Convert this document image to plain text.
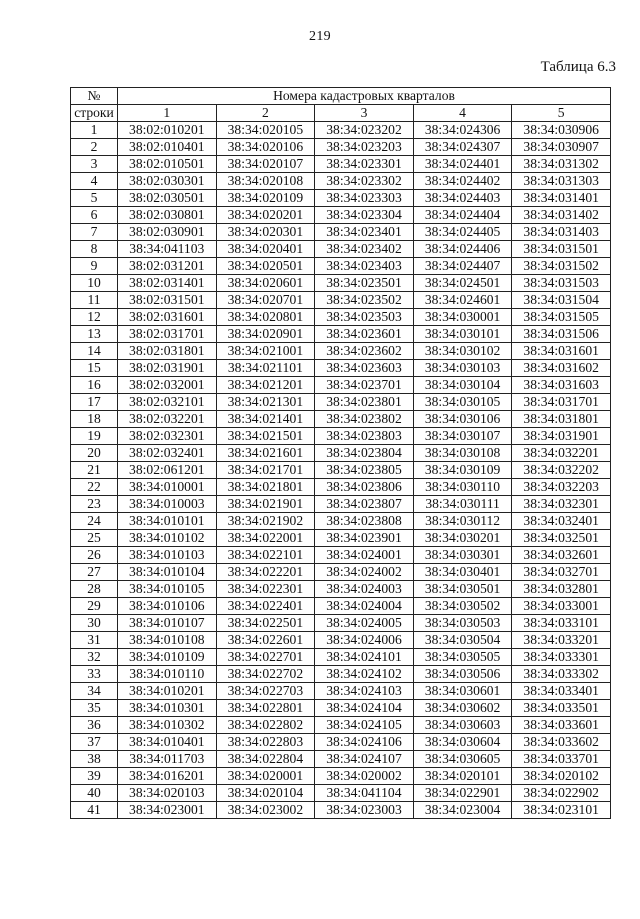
219
Таблица 6.3
№	Номера кадастровых кварталов				
строки	1	2	3	4	5
1	38:02:010201	38:34:020105	38:34:023202	38:34:024306	38:34:030906
2	38:02:010401	38:34:020106	38:34:023203	38:34:024307	38:34:030907
3	38:02:010501	38:34:020107	38:34:023301	38:34:024401	38:34:031302
4	38:02:030301	38:34:020108	38:34:023302	38:34:024402	38:34:031303
5	38:02:030501	38:34:020109	38:34:023303	38:34:024403	38:34:031401
6	38:02:030801	38:34:020201	38:34:023304	38:34:024404	38:34:031402
7	38:02:030901	38:34:020301	38:34:023401	38:34:024405	38:34:031403
8	38:34:041103	38:34:020401	38:34:023402	38:34:024406	38:34:031501
9	38:02:031201	38:34:020501	38:34:023403	38:34:024407	38:34:031502
10	38:02:031401	38:34:020601	38:34:023501	38:34:024501	38:34:031503
11	38:02:031501	38:34:020701	38:34:023502	38:34:024601	38:34:031504
12	38:02:031601	38:34:020801	38:34:023503	38:34:030001	38:34:031505
13	38:02:031701	38:34:020901	38:34:023601	38:34:030101	38:34:031506
14	38:02:031801	38:34:021001	38:34:023602	38:34:030102	38:34:031601
15	38:02:031901	38:34:021101	38:34:023603	38:34:030103	38:34:031602
16	38:02:032001	38:34:021201	38:34:023701	38:34:030104	38:34:031603
17	38:02:032101	38:34:021301	38:34:023801	38:34:030105	38:34:031701
18	38:02:032201	38:34:021401	38:34:023802	38:34:030106	38:34:031801
19	38:02:032301	38:34:021501	38:34:023803	38:34:030107	38:34:031901
20	38:02:032401	38:34:021601	38:34:023804	38:34:030108	38:34:032201
21	38:02:061201	38:34:021701	38:34:023805	38:34:030109	38:34:032202
22	38:34:010001	38:34:021801	38:34:023806	38:34:030110	38:34:032203
23	38:34:010003	38:34:021901	38:34:023807	38:34:030111	38:34:032301
24	38:34:010101	38:34:021902	38:34:023808	38:34:030112	38:34:032401
25	38:34:010102	38:34:022001	38:34:023901	38:34:030201	38:34:032501
26	38:34:010103	38:34:022101	38:34:024001	38:34:030301	38:34:032601
27	38:34:010104	38:34:022201	38:34:024002	38:34:030401	38:34:032701
28	38:34:010105	38:34:022301	38:34:024003	38:34:030501	38:34:032801
29	38:34:010106	38:34:022401	38:34:024004	38:34:030502	38:34:033001
30	38:34:010107	38:34:022501	38:34:024005	38:34:030503	38:34:033101
31	38:34:010108	38:34:022601	38:34:024006	38:34:030504	38:34:033201
32	38:34:010109	38:34:022701	38:34:024101	38:34:030505	38:34:033301
33	38:34:010110	38:34:022702	38:34:024102	38:34:030506	38:34:033302
34	38:34:010201	38:34:022703	38:34:024103	38:34:030601	38:34:033401
35	38:34:010301	38:34:022801	38:34:024104	38:34:030602	38:34:033501
36	38:34:010302	38:34:022802	38:34:024105	38:34:030603	38:34:033601
37	38:34:010401	38:34:022803	38:34:024106	38:34:030604	38:34:033602
38	38:34:011703	38:34:022804	38:34:024107	38:34:030605	38:34:033701
39	38:34:016201	38:34:020001	38:34:020002	38:34:020101	38:34:020102
40	38:34:020103	38:34:020104	38:34:041104	38:34:022901	38:34:022902
41	38:34:023001	38:34:023002	38:34:023003	38:34:023004	38:34:023101
